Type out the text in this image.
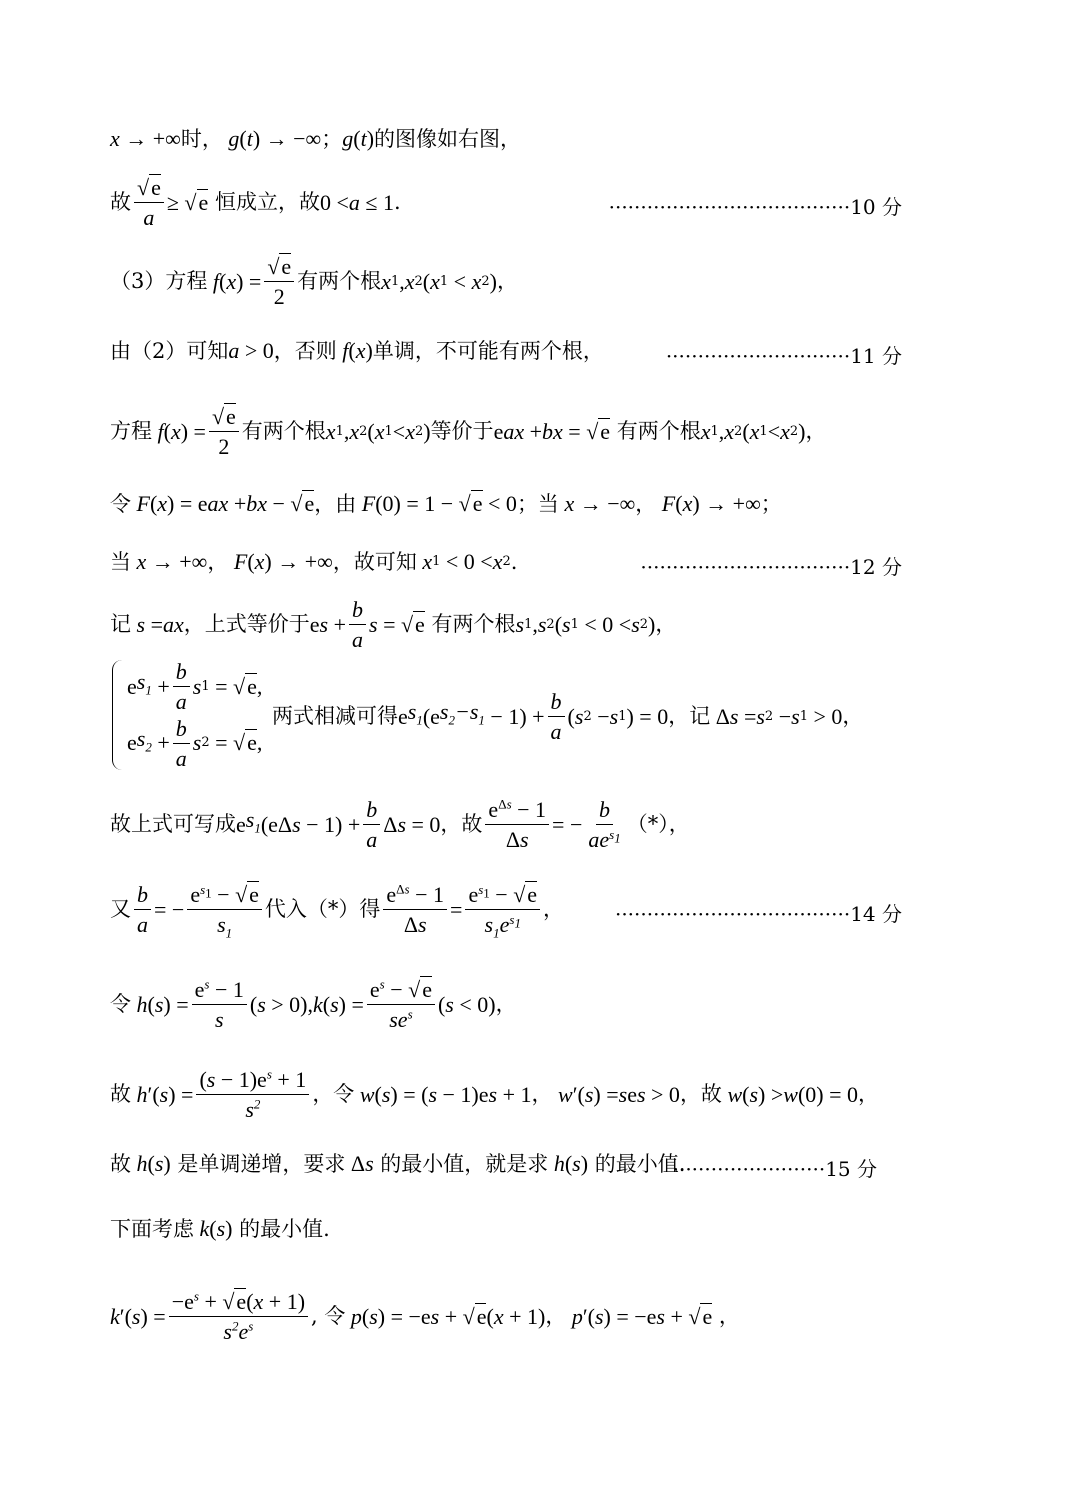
x → +∞ 时， g ( t ) → −∞ ； g ( t ) 的图像如右图，
故 $\frac{√e}{a} \ge √e$ 恒成立，故 0 < a ≤ 1 .	······································10 分
（3）方程 f ( x ) = $\frac{√e}{2}$ 有两个根 x 1 , x 2 ( x 1 < x 2 ) ，
由（2）可知 a > 0 ，否则 f ( x ) 单调，不可能有两个根，	·····························11 分
方程 f ( x ) = $\frac{√e}{2}$ 有两个根 x 1 , x 2 ( x 1 < x 2 ) 等价于 e ax + bx = √e 有两个根 x 1 , x 2 ( x 1 < x 2 ) ，
令 F ( x ) = e ax + bx − √e ，由 F (0) = 1 − √e < 0 ；当 x → −∞ ， F ( x ) → +∞ ；
当 x → +∞ ， F ( x ) → +∞ ，故可知 x 1 < 0 < x 2 .	·································12 分
记 s = ax ，上式等价于 e $s + \frac{b}{a}$ s = √e 有两个根 s 1 , s 2 ( s 1 < 0 < s 2 ) ，
e $s_1 + \frac{b}{a}$ s 1 = √e,
e $s_2 + \frac{b}{a}$ s 2 = √e,
两式相减可得 e $s_1$ (e $s_2-s_1 - 1) + \frac{b}{a}$ ( s 2 − s 1 ) = 0 ，记 Δ s = s 2 − s 1 > 0 ，
故上式可写成 e $s_1$ (e $\Delta s - 1) + \frac{b}{a}$ Δ s = 0 ，故 $\frac{e^{\Delta s} - 1}{\Delta s}$ = − $\frac{b}{ae^{s_1}}$ （*），
又 $\frac{b}{a}$ = − $\frac{e^{s_1} - √e}{s_1}$ 代入（*）得 $\frac{e^{\Delta s} - 1}{\Delta s} = \frac{e^{s_1} - √e}{s_1e^{s_1}}$ ，	·····································14 分
令 h ( s ) = $\frac{e^s - 1}{s}$ ( s > 0), k ( s ) = $\frac{e^s - √e}{se^s}$ ( s < 0) ，
故 h ′( s ) = $\frac{(s - 1)e^s + 1}{s^2}$ ，令 w ( s ) = ( s − 1)e s + 1 ， w ′( s ) = s e s > 0 ，故 w ( s ) > w (0) = 0 ，
故 h ( s ) 是单调递增，要求 Δ s 的最小值，就是求 h ( s ) 的最小值.
························15 分
下面考虑 k ( s ) 的最小值.
k ′( s ) = $\frac{-e^s + √e(x + 1)}{s^2e^s}$ , 令 p ( s ) = −e s + √e( x + 1) ， p ′( s ) = −e s + √e ，
